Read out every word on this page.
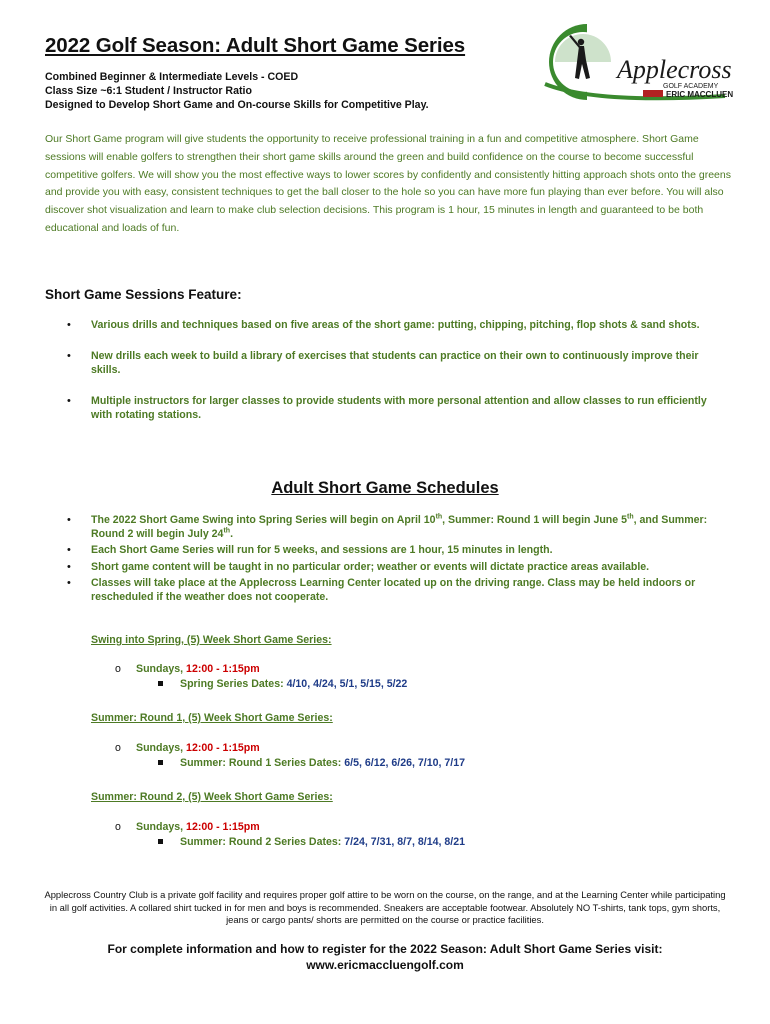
2022 Golf Season: Adult Short Game Series

Combined Beginner & Intermediate Levels - COED

Class Size ~6:1 Student / Instructor Ratio

Designed to Develop Short Game and On-course Skills for Competitive Play.

Applecross
GOLF ACADEMY
ERIC MACCLUEN

Our Short Game program will give students the opportunity to receive professional training in a fun and competitive atmosphere. Short Game sessions will enable golfers to strengthen their short game skills around the green and build confidence on the course to become successful competitive golfers. We will show you the most effective ways to lower scores by confidently and consistently hitting approach shots onto the greens and provide you with easy, consistent techniques to get the ball closer to the hole so you can have more fun playing than ever before. You will also discover shot visualization and learn to make club selection decisions. This program is 1 hour, 15 minutes in length and guaranteed to be both educational and loads of fun.

Short Game Sessions Feature:
• Various drills and techniques based on five areas of the short game: putting, chipping, pitching, flop shots & sand shots.
• New drills each week to build a library of exercises that students can practice on their own to continuously improve their skills.
• Multiple instructors for larger classes to provide students with more personal attention and allow classes to run efficiently with rotating stations.
Adult Short Game Schedules
• The 2022 Short Game Swing into Spring Series will begin on April 10th, Summer: Round 1 will begin June 5th, and Summer: Round 2 will begin July 24th.
• Each Short Game Series will run for 5 weeks, and sessions are 1 hour, 15 minutes in length.
• Short game content will be taught in no particular order; weather or events will dictate practice areas available.
• Classes will take place at the Applecross Learning Center located up on the driving range. Class may be held indoors or rescheduled if the weather does not cooperate.

Swing into Spring, (5) Week Short Game Series:

o Sundays, 12:00 - 1:15pm

Spring Series Dates: 4/10, 4/24, 5/1, 5/15, 5/22

Summer: Round 1, (5) Week Short Game Series:

o Sundays, 12:00 - 1:15pm

Summer: Round 1 Series Dates: 6/5, 6/12, 6/26, 7/10, 7/17

Summer: Round 2, (5) Week Short Game Series:

o Sundays, 12:00 - 1:15pm

Summer: Round 2 Series Dates: 7/24, 7/31, 8/7, 8/14, 8/21

Applecross Country Club is a private golf facility and requires proper golf attire to be worn on the course, on the range, and at the Learning Center while participating in all golf activities. A collared shirt tucked in for men and boys is recommended. Sneakers are acceptable footwear. Absolutely NO T-shirts, tank tops, gym shorts, jeans or cargo pants/ shorts are permitted on the course or practice facilities.

For complete information and how to register for the 2022 Season: Adult Short Game Series visit:
www.ericmaccluengolf.com
